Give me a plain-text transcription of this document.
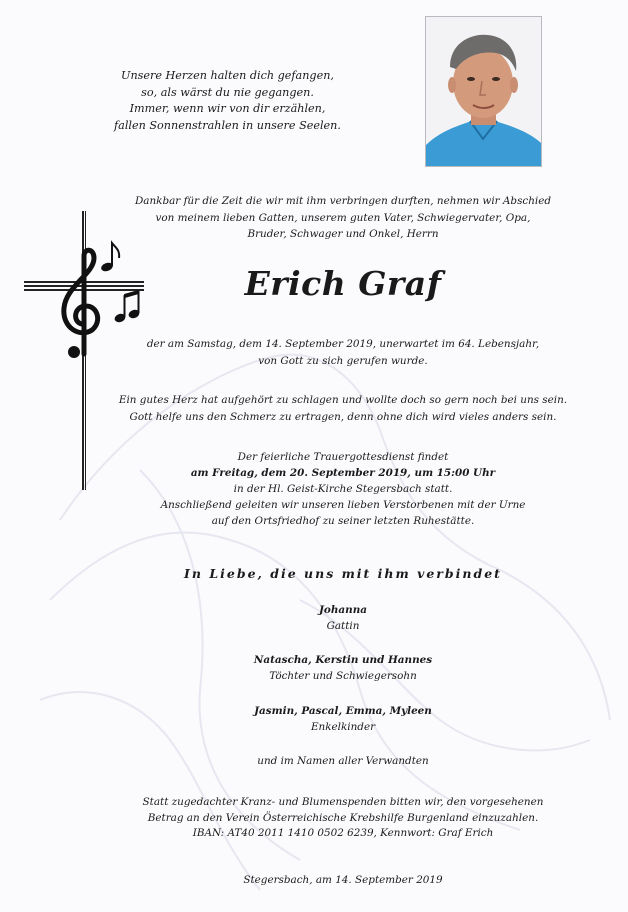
Unsere Herzen halten dich gefangen,
so, als wärst du nie gegangen.
Immer, wenn wir von dir erzählen,
fallen Sonnenstrahlen in unsere Seelen.
Dankbar für die Zeit die wir mit ihm verbringen durften, nehmen wir Abschied
von meinem lieben Gatten, unserem guten Vater, Schwiegervater, Opa,
Bruder, Schwager und Onkel, Herrn
Erich Graf
der am Samstag, dem 14. September 2019, unerwartet im 64. Lebensjahr,
von Gott zu sich gerufen wurde.
Ein gutes Herz hat aufgehört zu schlagen und wollte doch so gern noch bei uns sein.
Gott helfe uns den Schmerz zu ertragen, denn ohne dich wird vieles anders sein.
Der feierliche Trauergottesdienst findet
am Freitag, dem 20. September 2019, um 15:00 Uhr
in der Hl. Geist-Kirche Stegersbach statt.
Anschließend geleiten wir unseren lieben Verstorbenen mit der Urne
auf den Ortsfriedhof zu seiner letzten Ruhestätte.
In Liebe, die uns mit ihm verbindet
Johanna
Gattin
Natascha, Kerstin und Hannes
Töchter und Schwiegersohn
Jasmin, Pascal, Emma, Myleen
Enkelkinder
und im Namen aller Verwandten
Statt zugedachter Kranz- und Blumenspenden bitten wir, den vorgesehenen
Betrag an den Verein Österreichische Krebshilfe Burgenland einzuzahlen.
IBAN: AT40 2011 1410 0502 6239, Kennwort: Graf Erich
Stegersbach, am 14. September 2019
